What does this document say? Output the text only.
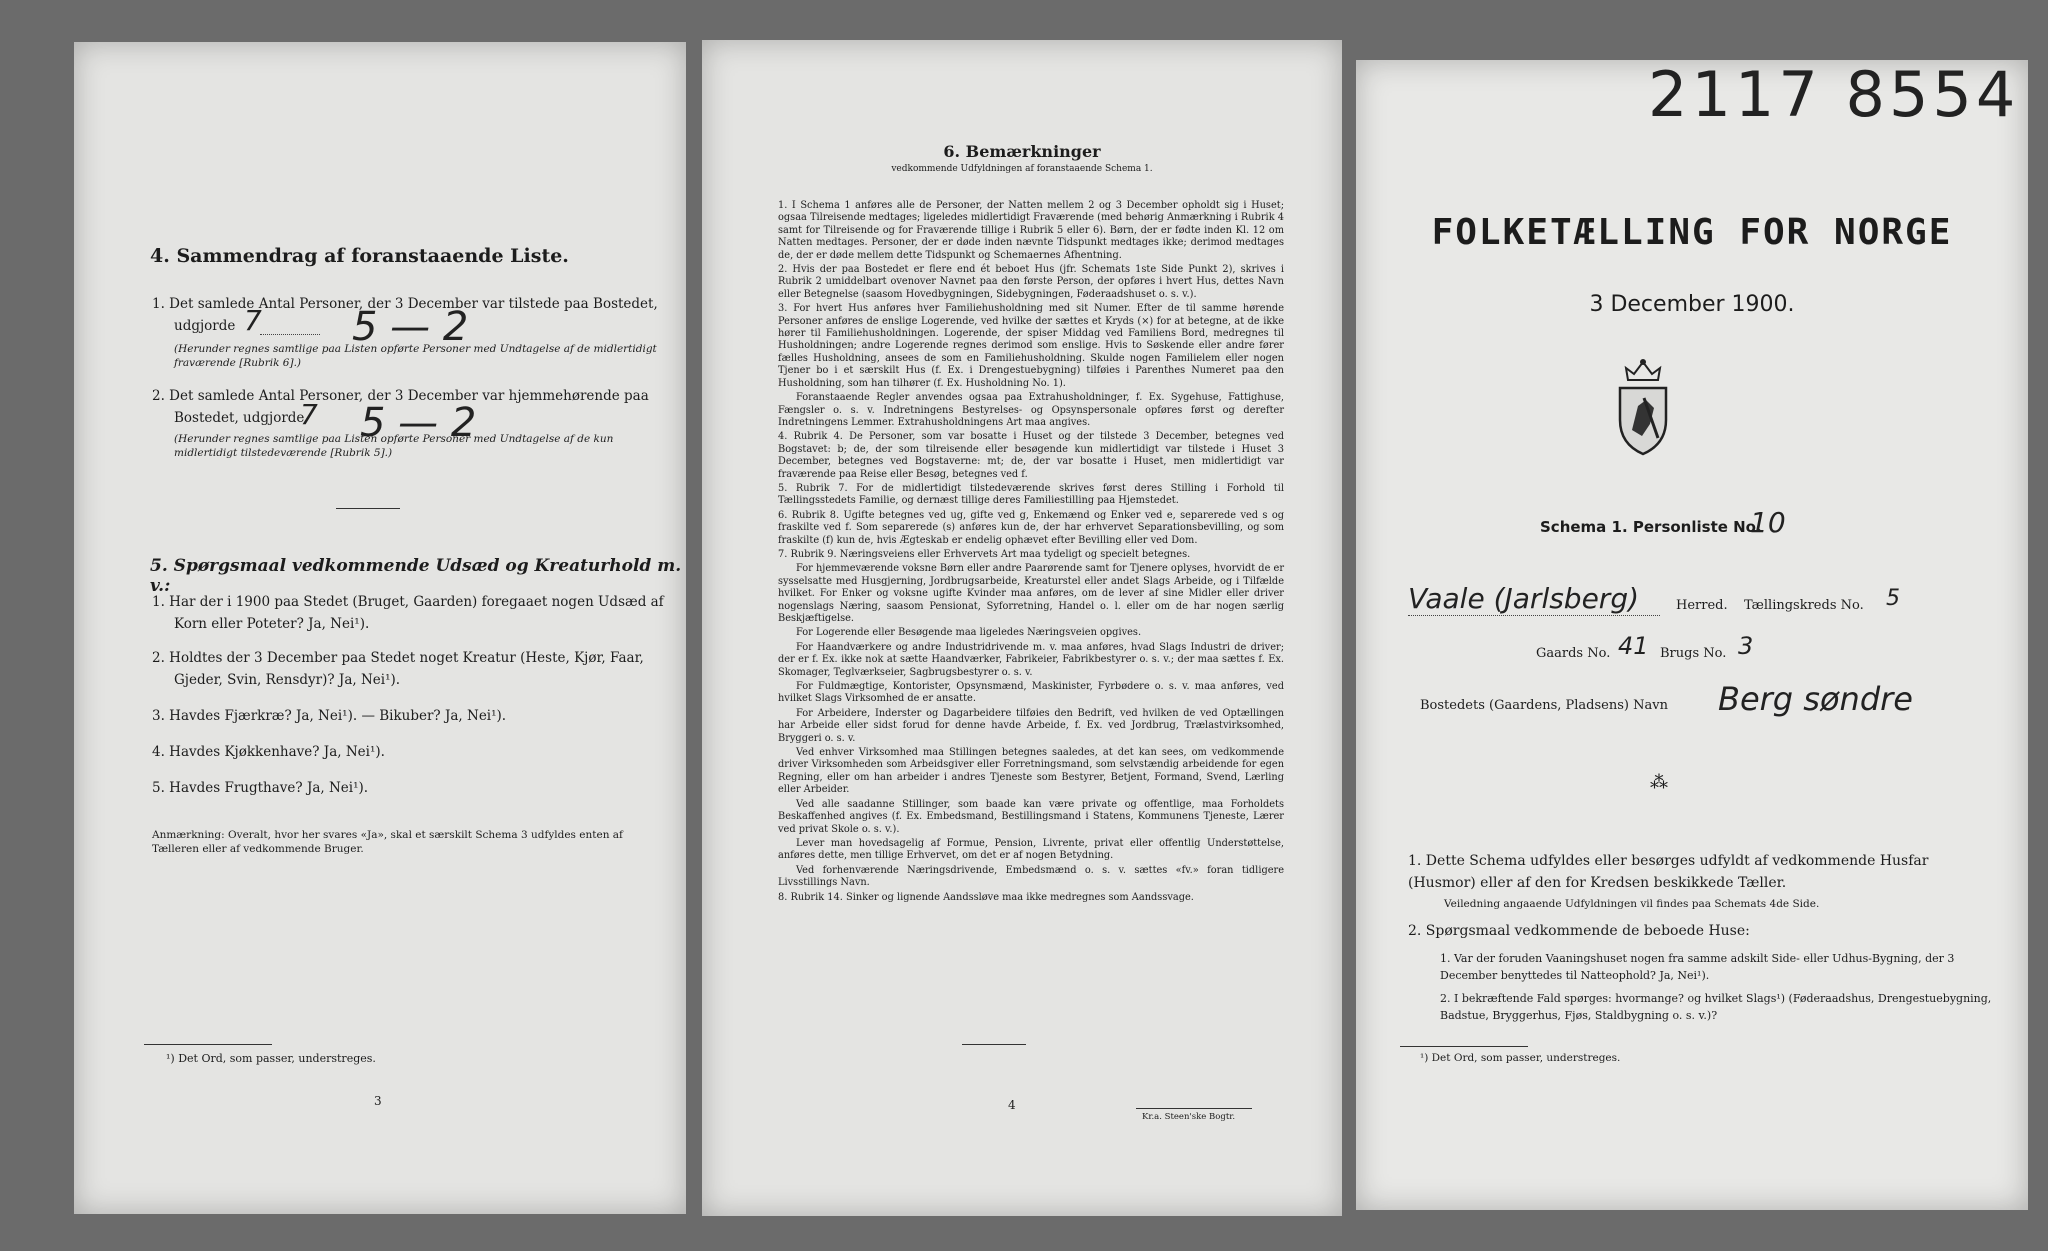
4. Sammendrag af foranstaaende Liste.
1. Det samlede Antal Personer, der 3 December var tilstede paa Bostedet,
udgjorde 7 5 — 2
(Herunder regnes samtlige paa Listen opførte Personer med Undtagelse af de midlertidigt fraværende [Rubrik 6].)
2. Det samlede Antal Personer, der 3 December var hjemmehørende paa
Bostedet, udgjorde
7 5 — 2
(Herunder regnes samtlige paa Listen opførte Personer med Undtagelse af de kun midlertidigt tilstedeværende [Rubrik 5].)
5. Spørgsmaal vedkommende Udsæd og Kreaturhold m. v.:
1. Har der i 1900 paa Stedet (Bruget, Gaarden) foregaaet nogen Udsæd af
Korn eller Poteter? Ja, Nei¹).
2. Holdtes der 3 December paa Stedet noget Kreatur (Heste, Kjør, Faar,
Gjeder, Svin, Rensdyr)? Ja, Nei¹).
3. Havdes Fjærkræ? Ja, Nei¹). — Bikuber? Ja, Nei¹).
4. Havdes Kjøkkenhave? Ja, Nei¹).
5. Havdes Frugthave? Ja, Nei¹).
Anmærkning: Overalt, hvor her svares «Ja», skal et særskilt Schema 3 udfyldes enten af Tælleren eller af vedkommende Bruger.
¹) Det Ord, som passer, understreges.
3
6. Bemærkninger
vedkommende Udfyldningen af foranstaaende Schema 1.

1. I Schema 1 anføres alle de Personer, der Natten mellem 2 og 3 December opholdt sig i Huset; ogsaa Tilreisende medtages; ligeledes midlertidigt Fraværende (med behørig Anmærkning i Rubrik 4 samt for Tilreisende og for Fraværende tillige i Rubrik 5 eller 6). Børn, der er fødte inden Kl. 12 om Natten medtages. Personer, der er døde inden nævnte Tidspunkt medtages ikke; derimod medtages de, der er døde mellem dette Tidspunkt og Schemaernes Afhentning.

2. Hvis der paa Bostedet er flere end ét beboet Hus (jfr. Schemats 1ste Side Punkt 2), skrives i Rubrik 2 umiddelbart ovenover Navnet paa den første Person, der opføres i hvert Hus, dettes Navn eller Betegnelse (saasom Hovedbygningen, Sidebygningen, Føderaadshuset o. s. v.).

3. For hvert Hus anføres hver Familiehusholdning med sit Numer. Efter de til samme hørende Personer anføres de enslige Logerende, ved hvilke der sættes et Kryds (×) for at betegne, at de ikke hører til Familiehusholdningen. Logerende, der spiser Middag ved Familiens Bord, medregnes til Husholdningen; andre Logerende regnes derimod som enslige. Hvis to Søskende eller andre fører fælles Husholdning, ansees de som en Familiehusholdning. Skulde nogen Familielem eller nogen Tjener bo i et særskilt Hus (f. Ex. i Drengestuebygning) tilføies i Parenthes Numeret paa den Husholdning, som han tilhører (f. Ex. Husholdning No. 1).

Foranstaaende Regler anvendes ogsaa paa Extrahusholdninger, f. Ex. Sygehuse, Fattighuse, Fængsler o. s. v. Indretningens Bestyrelses- og Opsynspersonale opføres først og derefter Indretningens Lemmer. Extrahusholdningens Art maa angives.

4. Rubrik 4. De Personer, som var bosatte i Huset og der tilstede 3 December, betegnes ved Bogstavet: b; de, der som tilreisende eller besøgende kun midlertidigt var tilstede i Huset 3 December, betegnes ved Bogstaverne: mt; de, der var bosatte i Huset, men midlertidigt var fraværende paa Reise eller Besøg, betegnes ved f.

5. Rubrik 7. For de midlertidigt tilstedeværende skrives først deres Stilling i Forhold til Tællingsstedets Familie, og dernæst tillige deres Familiestilling paa Hjemstedet.

6. Rubrik 8. Ugifte betegnes ved ug, gifte ved g, Enkemænd og Enker ved e, separerede ved s og fraskilte ved f. Som separerede (s) anføres kun de, der har erhvervet Separationsbevilling, og som fraskilte (f) kun de, hvis Ægteskab er endelig ophævet efter Bevilling eller ved Dom.

7. Rubrik 9. Næringsveiens eller Erhvervets Art maa tydeligt og specielt betegnes.

For hjemmeværende voksne Børn eller andre Paarørende samt for Tjenere oplyses, hvorvidt de er sysselsatte med Husgjerning, Jordbrugsarbeide, Kreaturstel eller andet Slags Arbeide, og i Tilfælde hvilket. For Enker og voksne ugifte Kvinder maa anføres, om de lever af sine Midler eller driver nogenslags Næring, saasom Pensionat, Syforretning, Handel o. l. eller om de har nogen særlig Beskjæftigelse.

For Logerende eller Besøgende maa ligeledes Næringsveien opgives.

For Haandværkere og andre Industridrivende m. v. maa anføres, hvad Slags Industri de driver; der er f. Ex. ikke nok at sætte Haandværker, Fabrikeier, Fabrikbestyrer o. s. v.; der maa sættes f. Ex. Skomager, Teglværkseier, Sagbrugsbestyrer o. s. v.

For Fuldmægtige, Kontorister, Opsynsmænd, Maskinister, Fyrbødere o. s. v. maa anføres, ved hvilket Slags Virksomhed de er ansatte.

For Arbeidere, Inderster og Dagarbeidere tilføies den Bedrift, ved hvilken de ved Optællingen har Arbeide eller sidst forud for denne havde Arbeide, f. Ex. ved Jordbrug, Trælastvirksomhed, Bryggeri o. s. v.

Ved enhver Virksomhed maa Stillingen betegnes saaledes, at det kan sees, om vedkommende driver Virksomheden som Arbeidsgiver eller Forretningsmand, som selvstændig arbeidende for egen Regning, eller om han arbeider i andres Tjeneste som Bestyrer, Betjent, Formand, Svend, Lærling eller Arbeider.

Ved alle saadanne Stillinger, som baade kan være private og offentlige, maa Forholdets Beskaffenhed angives (f. Ex. Embedsmand, Bestillingsmand i Statens, Kommunens Tjeneste, Lærer ved privat Skole o. s. v.).

Lever man hovedsagelig af Formue, Pension, Livrente, privat eller offentlig Understøttelse, anføres dette, men tillige Erhvervet, om det er af nogen Betydning.

Ved forhenværende Næringsdrivende, Embedsmænd o. s. v. sættes «fv.» foran tidligere Livsstillings Navn.

8. Rubrik 14. Sinker og lignende Aandssløve maa ikke medregnes som Aandssvage.

4
Kr.a. Steen'ske Bogtr.
2117 8554
FOLKETÆLLING FOR NORGE
3 December 1900.
Schema 1. Personliste No.
10
Vaale (Jarlsberg)	Herred. Tællingskreds No. 5
Gaards No. 41 Brugs No. 3
Bostedets (Gaardens, Pladsens) Navn Berg søndre
⁂
1. Dette Schema udfyldes eller besørges udfyldt af vedkommende Husfar (Husmor) eller af den for Kredsen beskikkede Tæller.
Veiledning angaaende Udfyldningen vil findes paa Schemats 4de Side.
2. Spørgsmaal vedkommende de beboede Huse:
1. Var der foruden Vaaningshuset nogen fra samme adskilt Side- eller Udhus-Bygning, der 3 December benyttedes til Natteophold? Ja, Nei¹).
2. I bekræftende Fald spørges: hvormange? og hvilket Slags¹) (Føderaadshus, Drengestuebygning, Badstue, Bryggerhus, Fjøs, Staldbygning o. s. v.)?
¹) Det Ord, som passer, understreges.
